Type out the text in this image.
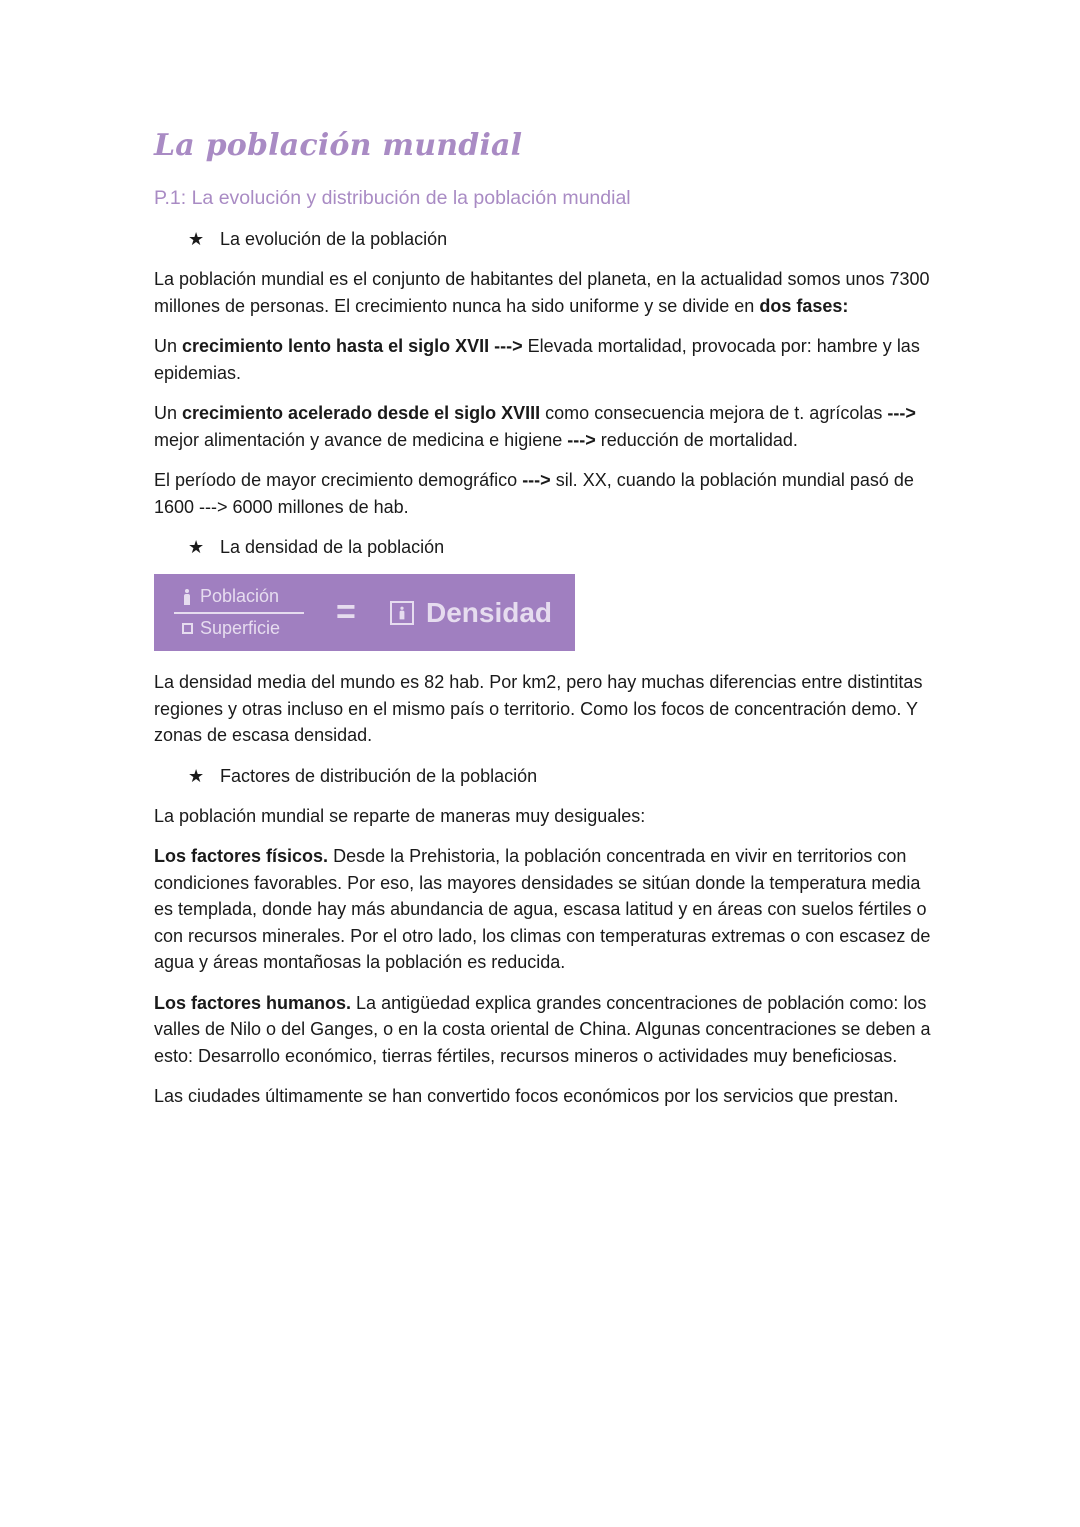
La población mundial
P.1: La evolución y distribución de la población mundial
★ La evolución de la población

La población mundial es el conjunto de habitantes del planeta, en la actualidad somos unos 7300 millones de personas. El crecimiento nunca ha sido uniforme y se divide en dos fases:

Un crecimiento lento hasta el siglo XVII ---> Elevada mortalidad, provocada por: hambre y las epidemias.

Un crecimiento acelerado desde el siglo XVIII como consecuencia mejora de t. agrícolas ---> mejor alimentación y avance de medicina e higiene ---> reducción de mortalidad.

El período de mayor crecimiento demográfico ---> sil. XX, cuando la población mundial pasó de 1600 ---> 6000 millones de hab.

★ La densidad de la población
$\frac{\text{Población}}{\text{Superficie}}$ =	Densidad

La densidad media del mundo es 82 hab. Por km2, pero hay muchas diferencias entre distintitas regiones y otras incluso en el mismo país o territorio. Como los focos de concentración demo. Y zonas de escasa densidad.

★ Factores de distribución de la población

La población mundial se reparte de maneras muy desiguales:

Los factores físicos. Desde la Prehistoria, la población concentrada en vivir en territorios con condiciones favorables. Por eso, las mayores densidades se sitúan donde la temperatura media es templada, donde hay más abundancia de agua, escasa latitud y en áreas con suelos fértiles o con recursos minerales. Por el otro lado, los climas con temperaturas extremas o con escasez de agua y áreas montañosas la población es reducida.

Los factores humanos. La antigüedad explica grandes concentraciones de población como: los valles de Nilo o del Ganges, o en la costa oriental de China. Algunas concentraciones se deben a esto: Desarrollo económico, tierras fértiles, recursos mineros o actividades muy beneficiosas.

Las ciudades últimamente se han convertido focos económicos por los servicios que prestan.
